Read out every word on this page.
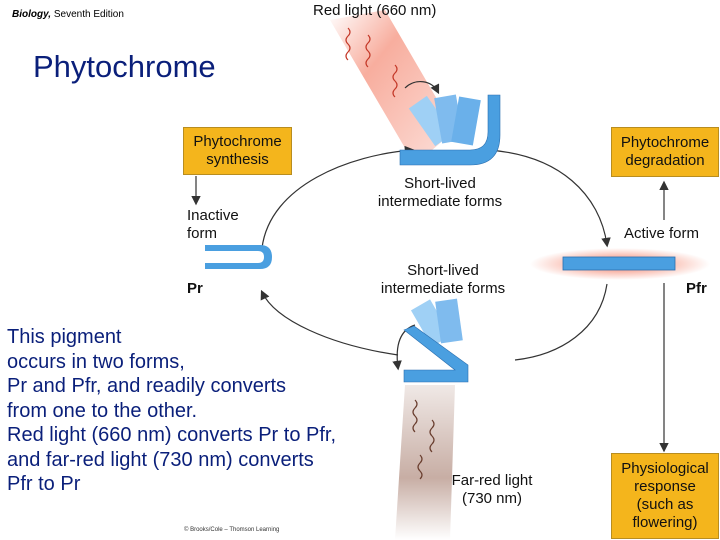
Biology, Seventh Edition
Phytochrome
Red light (660 nm)
Phytochrome
synthesis
Phytochrome
degradation
Physiological
response
(such as
flowering)
Inactive
form
Pr
Active form
Pfr
Short-lived
intermediate forms
Short-lived
intermediate forms
Far-red light
(730 nm)
© Brooks/Cole – Thomson Learning
This pigment
occurs in two forms,
Pr and Pfr, and readily converts
from one to the other.
Red light (660 nm) converts Pr to Pfr,
and far-red light (730 nm) converts
Pfr to Pr
